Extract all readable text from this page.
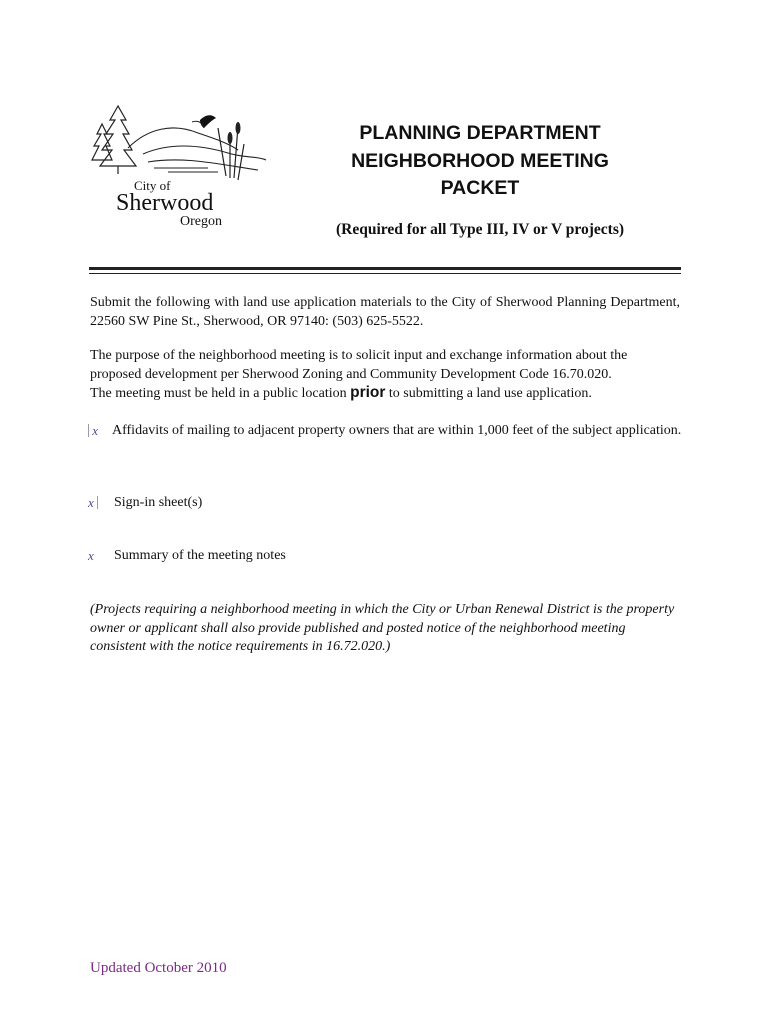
City of
Sherwood
Oregon
PLANNING DEPARTMENT
NEIGHBORHOOD MEETING
PACKET
(Required for all Type III, IV or V projects)
Submit the following with land use application materials to the City of Sherwood Planning Department, 22560 SW Pine St., Sherwood, OR 97140: (503) 625-5522.
The purpose of the neighborhood meeting is to solicit input and exchange information about the
proposed development per Sherwood Zoning and Community Development Code 16.70.020.
The meeting must be held in a public location prior to submitting a land use application.
x Affidavits of mailing to adjacent property owners that are within 1,000 feet of the subject application.
x	Sign-in sheet(s)
x	Summary of the meeting notes
(Projects requiring a neighborhood meeting in which the City or Urban Renewal District is the property owner or applicant shall also provide published and posted notice of the neighborhood meeting consistent with the notice requirements in 16.72.020.)
Updated October 2010
